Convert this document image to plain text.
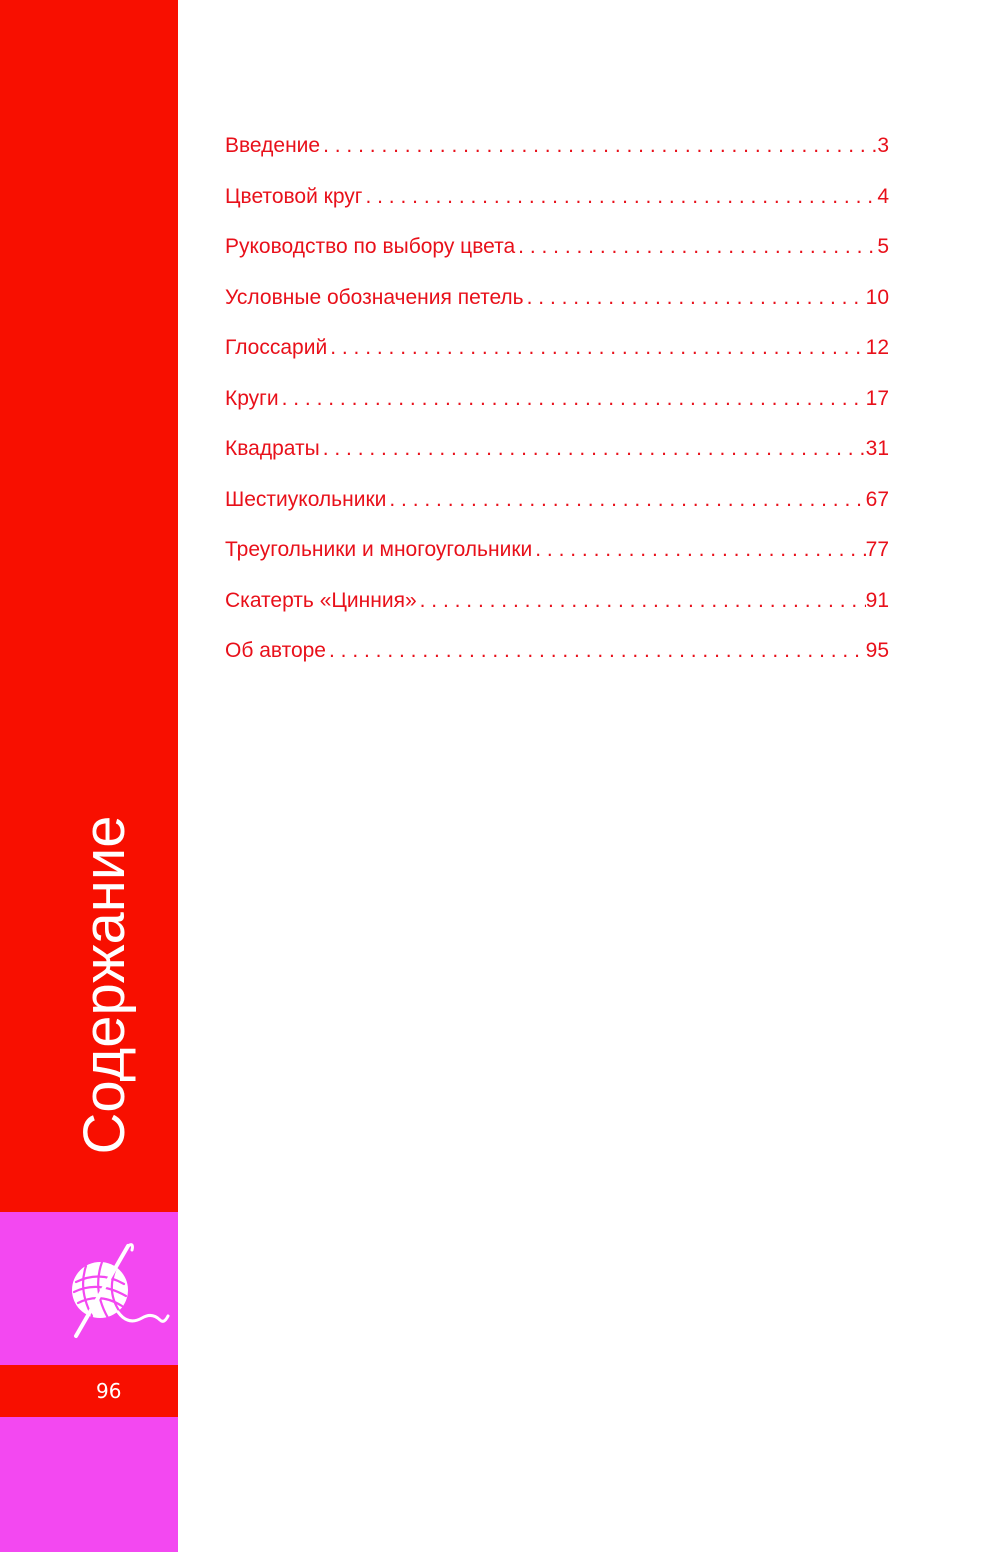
Содержание
96
Введение . . .	3
Цветовой круг . . .	4
Руководство по выбору цвета . . .	5
Условные обозначения петель . . .	10
Глоссарий . . .	12
Круги . . .	17
Квадраты . . .	31
Шестиукольники . . .	67
Треугольники и многоугольники . . .	77
Скатерть «Цинния» . . .	91
Об авторе . . .	95
